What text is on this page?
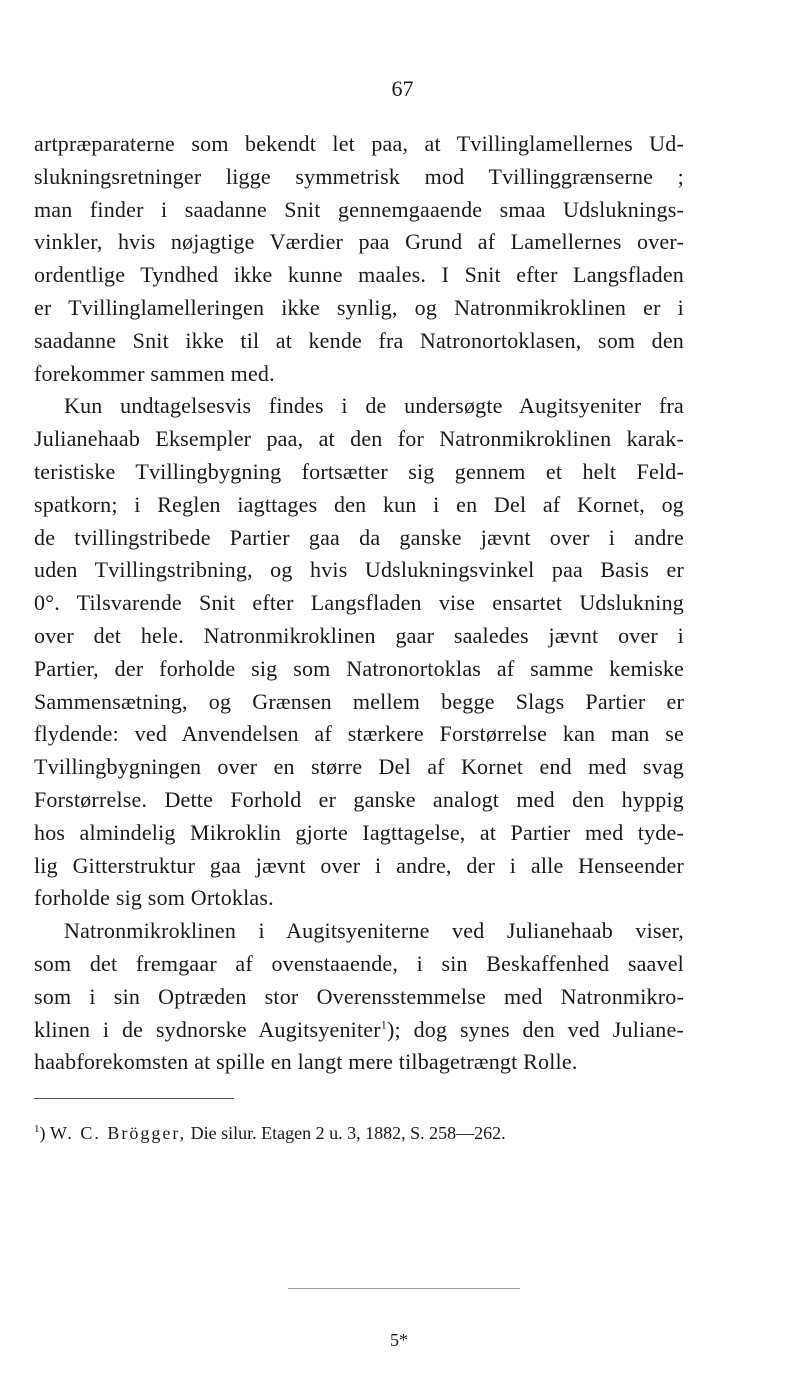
67
artpræparaterne som bekendt let paa, at Tvillinglamellernes Ud-
slukningsretninger ligge symmetrisk mod Tvillinggrænserne ;
man finder i saadanne Snit gennemgaaende smaa Udsluknings-
vinkler, hvis nøjagtige Værdier paa Grund af Lamellernes over-
ordentlige Tyndhed ikke kunne maales. I Snit efter Langsfladen
er Tvillinglamelleringen ikke synlig, og Natronmikroklinen er i
saadanne Snit ikke til at kende fra Natronortoklasen, som den
forekommer sammen med.
Kun undtagelsesvis findes i de undersøgte Augitsyeniter fra
Julianehaab Eksempler paa, at den for Natronmikroklinen karak-
teristiske Tvillingbygning fortsætter sig gennem et helt Feld-
spatkorn; i Reglen iagttages den kun i en Del af Kornet, og
de tvillingstribede Partier gaa da ganske jævnt over i andre
uden Tvillingstribning, og hvis Udslukningsvinkel paa Basis er
0°. Tilsvarende Snit efter Langsfladen vise ensartet Udslukning
over det hele. Natronmikroklinen gaar saaledes jævnt over i
Partier, der forholde sig som Natronortoklas af samme kemiske
Sammensætning, og Grænsen mellem begge Slags Partier er
flydende: ved Anvendelsen af stærkere Forstørrelse kan man se
Tvillingbygningen over en større Del af Kornet end med svag
Forstørrelse. Dette Forhold er ganske analogt med den hyppig
hos almindelig Mikroklin gjorte Iagttagelse, at Partier med tyde-
lig Gitterstruktur gaa jævnt over i andre, der i alle Henseender
forholde sig som Ortoklas.
Natronmikroklinen i Augitsyeniterne ved Julianehaab viser,
som det fremgaar af ovenstaaende, i sin Beskaffenhed saavel
som i sin Optræden stor Overensstemmelse med Natronmikro-
klinen i de sydnorske Augitsyeniter$^1$); dog synes den ved Juliane-
haabforekomsten at spille en langt mere tilbagetrængt Rolle.
$^1$) W. C. Brögger, Die silur. Etagen 2 u. 3, 1882, S. 258—262.
5*
